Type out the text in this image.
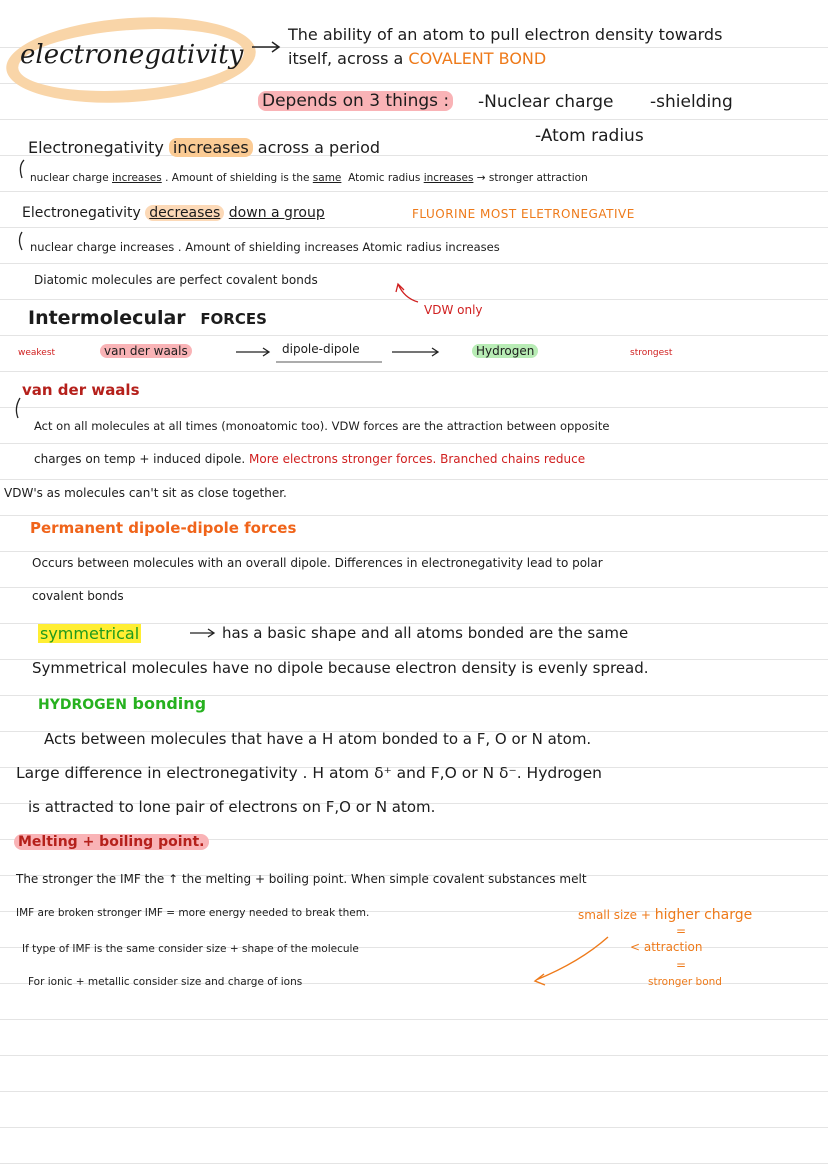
electronegativity
The ability of an atom to pull electron density towards
itself, across a COVALENT BOND
Depends on 3 things : -Nuclear charge -shielding
-Atom radius
Electronegativity increases across a period
nuclear charge increases . Amount of shielding is the same Atomic radius increases → stronger attraction
Electronegativity decreases down a group	FLUORINE MOST ELETRONEGATIVE
nuclear charge increases . Amount of shielding increases Atomic radius increases
Diatomic molecules are perfect covalent bonds
Intermolecular FORCES	VDW only
weakest	van der waals	dipole-dipole	Hydrogen	strongest
van der waals
Act on all molecules at all times (monoatomic too). VDW forces are the attraction between opposite
charges on temp + induced dipole. More electrons stronger forces. Branched chains reduce
VDW's as molecules can't sit as close together.
Permanent dipole-dipole forces
Occurs between molecules with an overall dipole. Differences in electronegativity lead to polar
covalent bonds
symmetrical	has a basic shape and all atoms bonded are the same
Symmetrical molecules have no dipole because electron density is evenly spread.
HYDROGEN bonding
Acts between molecules that have a H atom bonded to a F, O or N atom.
Large difference in electronegativity . H atom δ⁺ and F,O or N δ⁻. Hydrogen
is attracted to lone pair of electrons on F,O or N atom.
Melting + boiling point.
The stronger the IMF the ↑ the melting + boiling point. When simple covalent substances melt
IMF are broken stronger IMF = more energy needed to break them.
If type of IMF is the same consider size + shape of the molecule
For ionic + metallic consider size and charge of ions
small size + higher charge
=
< attraction
=
stronger bond
